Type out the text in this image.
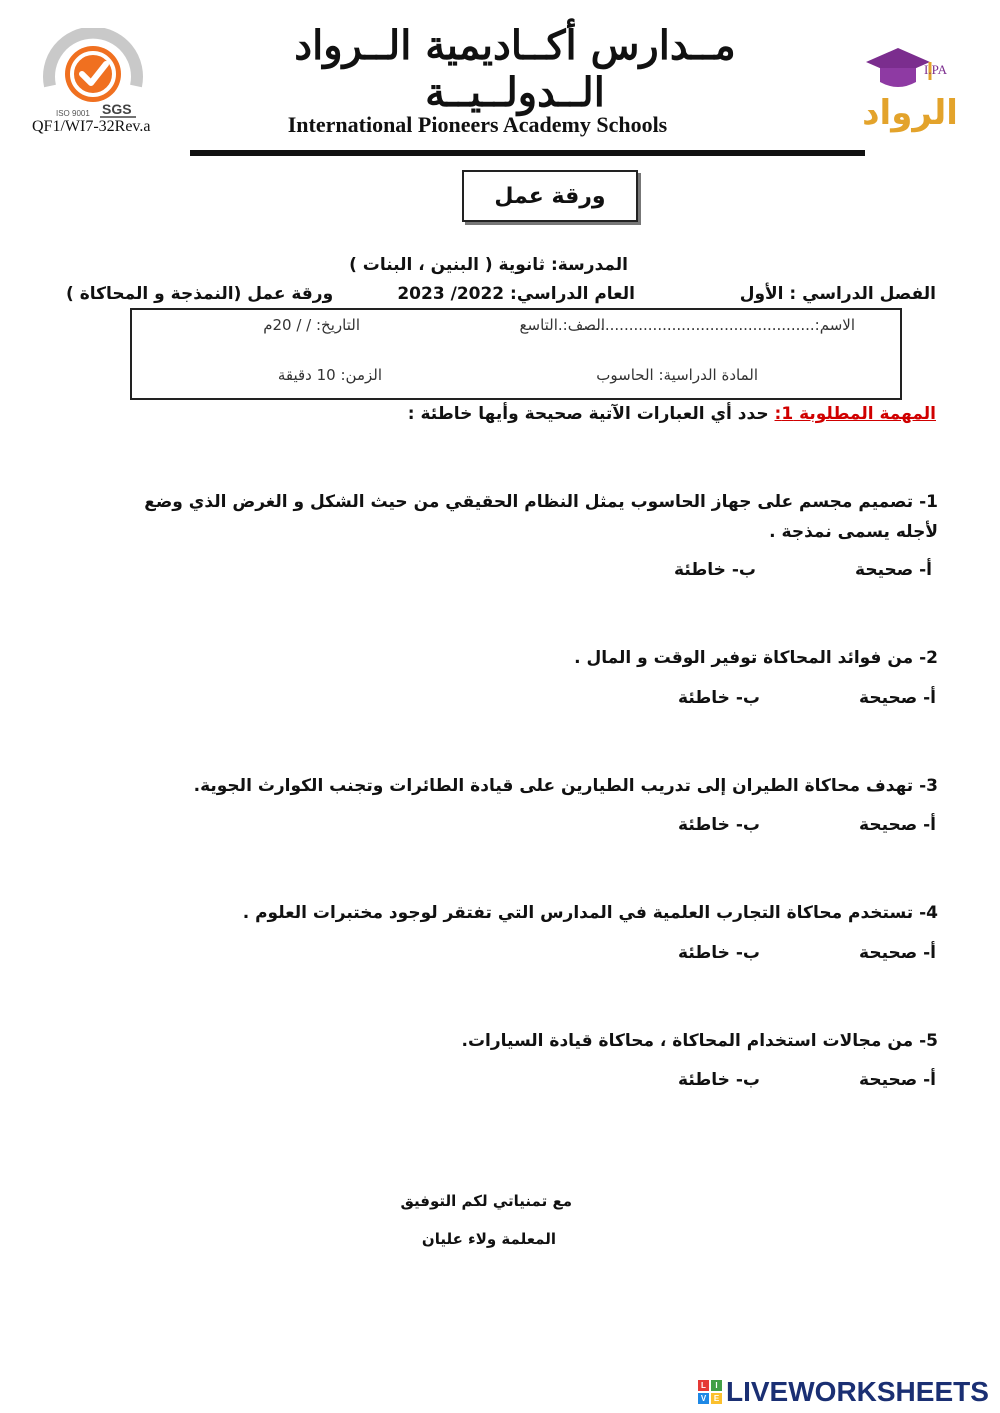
مــدارس أكــاديمية الــرواد الــدولــيــة
International Pioneers Academy Schools
ISO 9001 SGS
QF1/WI7-32Rev.a
I.PA
الرواد
ورقة عمل
المدرسة: ثانوية ( البنين ، البنات )
الفصل الدراسي : الأول
العام الدراسي: 2022/ 2023
ورقة عمل (النمذجة و المحاكاة )
الاسم:.................................................
الصف:.التاسع
التاريخ: / / 20م
المادة الدراسية: الحاسوب
الزمن: 10 دقيقة
المهمة المطلوبة 1: حدد أي العبارات الآتية صحيحة وأيها خاطئة :
1- تصميم مجسم على جهاز الحاسوب يمثل النظام الحقيقي من حيث الشكل و الغرض الذي وضع لأجله يسمى نمذجة .
أ- صحيحة
ب- خاطئة
2- من فوائد المحاكاة توفير الوقت و المال .
أ- صحيحة
ب- خاطئة
3- تهدف محاكاة الطيران إلى تدريب الطيارين على قيادة الطائرات وتجنب الكوارث الجوية.
أ- صحيحة
ب- خاطئة
4- تستخدم محاكاة التجارب العلمية في المدارس التي تفتقر لوجود مختبرات العلوم .
أ- صحيحة
ب- خاطئة
5- من مجالات استخدام المحاكاة ، محاكاة قيادة السيارات.
أ- صحيحة
ب- خاطئة
مع تمنياتي لكم التوفيق
المعلمة ولاء عليان
L	I
V E LIVEWORKSHEETS
